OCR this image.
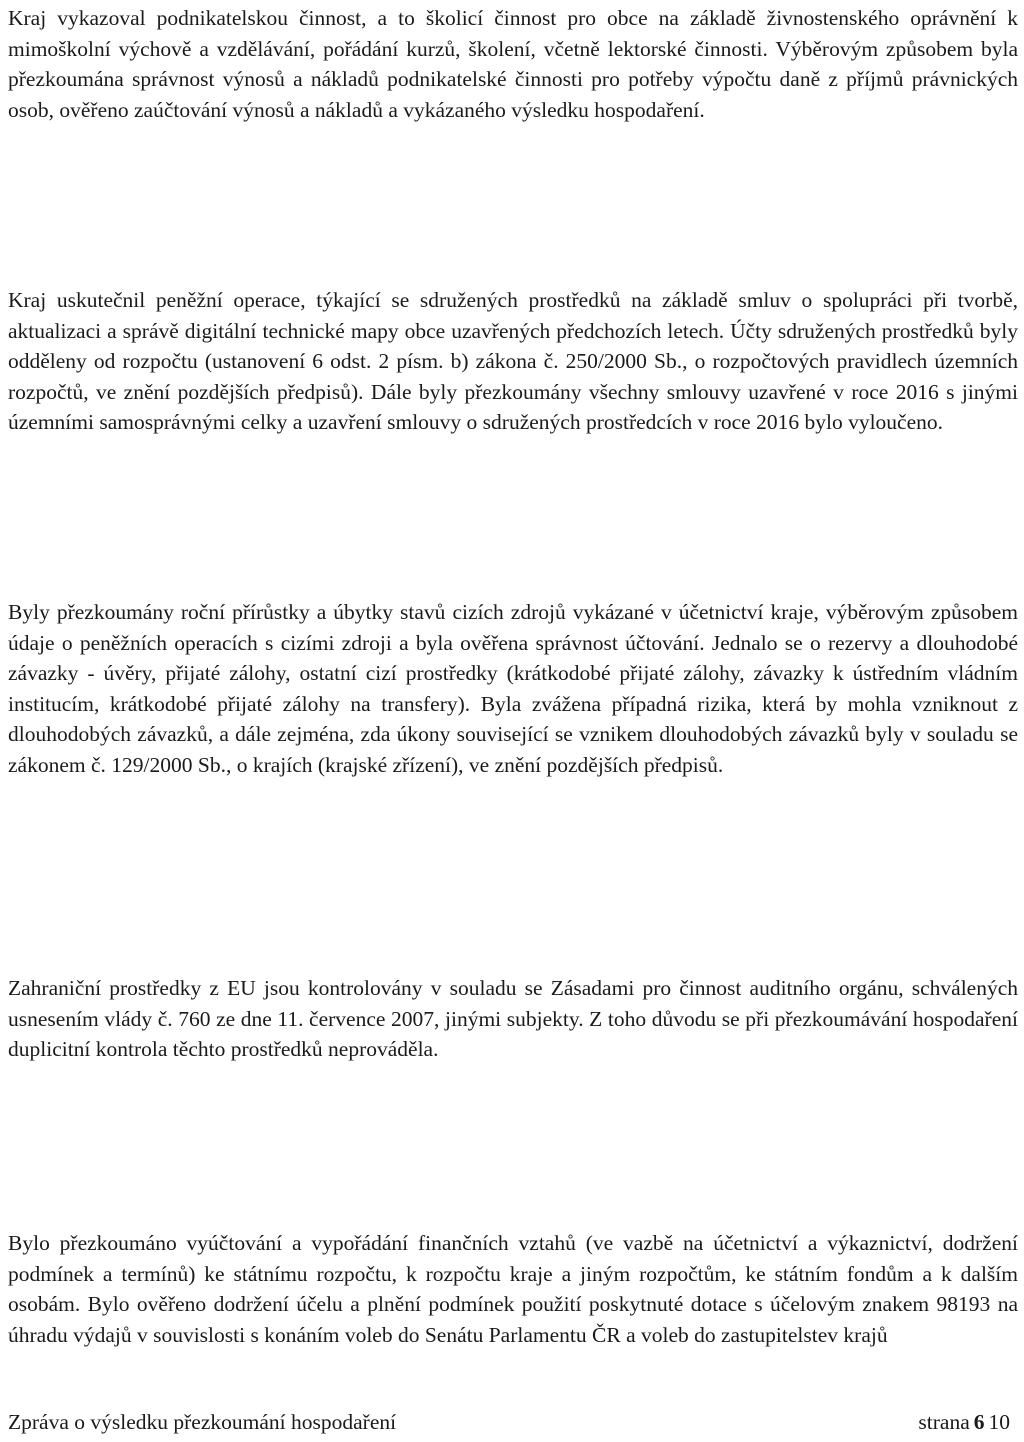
Kraj vykazoval podnikatelskou činnost, a to školicí činnost pro obce na základě živnostenského oprávnění k mimoškolní výchově a vzdělávání, pořádání kurzů, školení, včetně lektorské činnosti. Výběrovým způsobem byla přezkoumána správnost výnosů a nákladů podnikatelské činnosti pro potřeby výpočtu daně z příjmů právnických osob, ověřeno zaúčtování výnosů a nákladů a vykázaného výsledku hospodaření.

Kraj uskutečnil peněžní operace, týkající se sdružených prostředků na základě smluv o spolupráci při tvorbě, aktualizaci a správě digitální technické mapy obce uzavřených předchozích letech. Účty sdružených prostředků byly odděleny od rozpočtu (ustanovení 6 odst. 2 písm. b) zákona č. 250/2000 Sb., o rozpočtových pravidlech územních rozpočtů, ve znění pozdějších předpisů). Dále byly přezkoumány všechny smlouvy uzavřené v roce 2016 s jinými územními samosprávnými celky a uzavření smlouvy o sdružených prostředcích v roce 2016 bylo vyloučeno.

Byly přezkoumány roční přírůstky a úbytky stavů cizích zdrojů vykázané v účetnictví kraje, výběrovým způsobem údaje o peněžních operacích s cizími zdroji a byla ověřena správnost účtování. Jednalo se o rezervy a dlouhodobé závazky - úvěry, přijaté zálohy, ostatní cizí prostředky (krátkodobé přijaté zálohy, závazky k ústředním vládním institucím, krátkodobé přijaté zálohy na transfery). Byla zvážena případná rizika, která by mohla vzniknout z dlouhodobých závazků, a dále zejména, zda úkony související se vznikem dlouhodobých závazků byly v souladu se zákonem č. 129/2000 Sb., o krajích (krajské zřízení), ve znění pozdějších předpisů.

Zahraniční prostředky z EU jsou kontrolovány v souladu se Zásadami pro činnost auditního orgánu, schválených usnesením vlády č. 760 ze dne 11. července 2007, jinými subjekty. Z toho důvodu se při přezkoumávání hospodaření duplicitní kontrola těchto prostředků neprováděla.

Bylo přezkoumáno vyúčtování a vypořádání finančních vztahů (ve vazbě na účetnictví a výkaznictví, dodržení podmínek a termínů) ke státnímu rozpočtu, k rozpočtu kraje a jiným rozpočtům, ke státním fondům a k dalším osobám. Bylo ověřeno dodržení účelu a plnění podmínek použití poskytnuté dotace s účelovým znakem 98193 na úhradu výdajů v souvislosti s konáním voleb do Senátu Parlamentu ČR a voleb do zastupitelstev krajů

Zpráva o výsledku přezkoumání hospodaření	strana 6 10
